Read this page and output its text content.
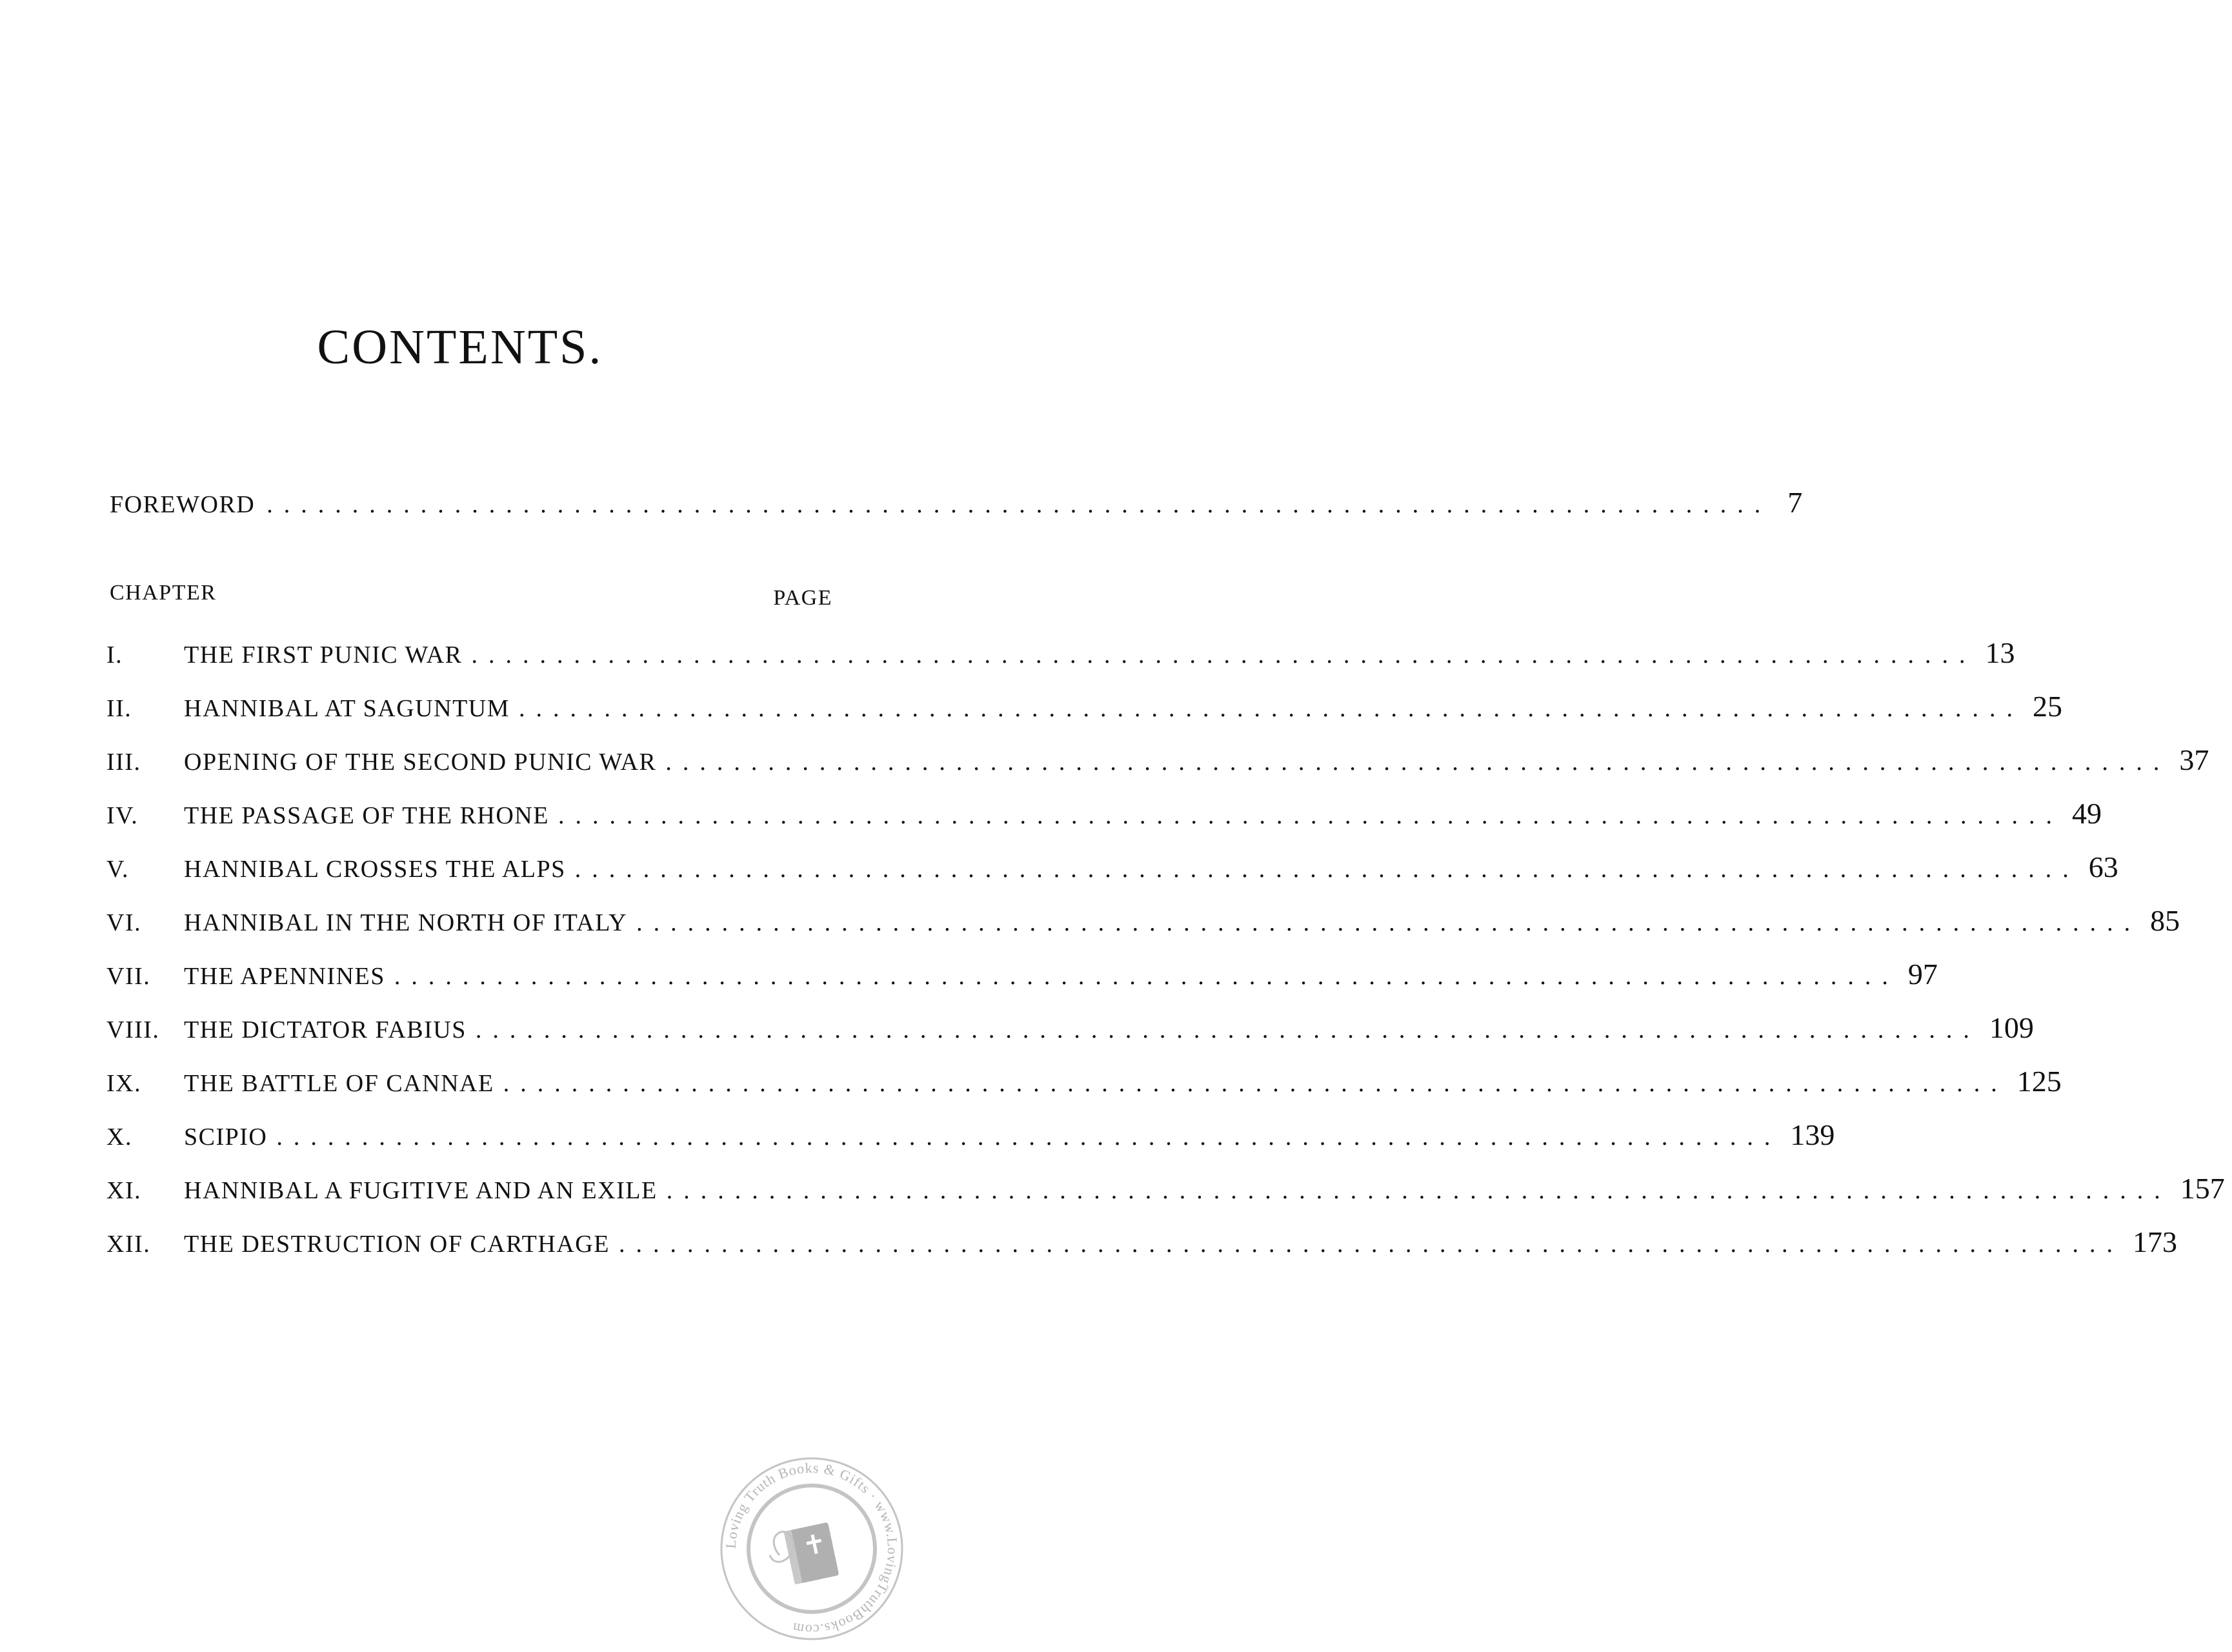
CONTENTS.
FOREWORD ........................................................................................ 7
CHAPTER	PAGE
I.	THE FIRST PUNIC WAR ........................................................................................ 13
II.	HANNIBAL AT SAGUNTUM ........................................................................................ 25
III.	OPENING OF THE SECOND PUNIC WAR ........................................................................................ 37
IV.	THE PASSAGE OF THE RHONE ........................................................................................ 49
V.	HANNIBAL CROSSES THE ALPS ........................................................................................ 63
VI.	HANNIBAL IN THE NORTH OF ITALY ........................................................................................ 85
VII.	THE APENNINES ........................................................................................ 97
VIII. THE DICTATOR FABIUS ........................................................................................ 109
IX.	THE BATTLE OF CANNAE ........................................................................................ 125
X.	SCIPIO ........................................................................................ 139
XI.	HANNIBAL A FUGITIVE AND AN EXILE ........................................................................................ 157
XII.	THE DESTRUCTION OF CARTHAGE ........................................................................................ 173
Loving Truth Books & Gifts · www.LovingTruthBooks.com
